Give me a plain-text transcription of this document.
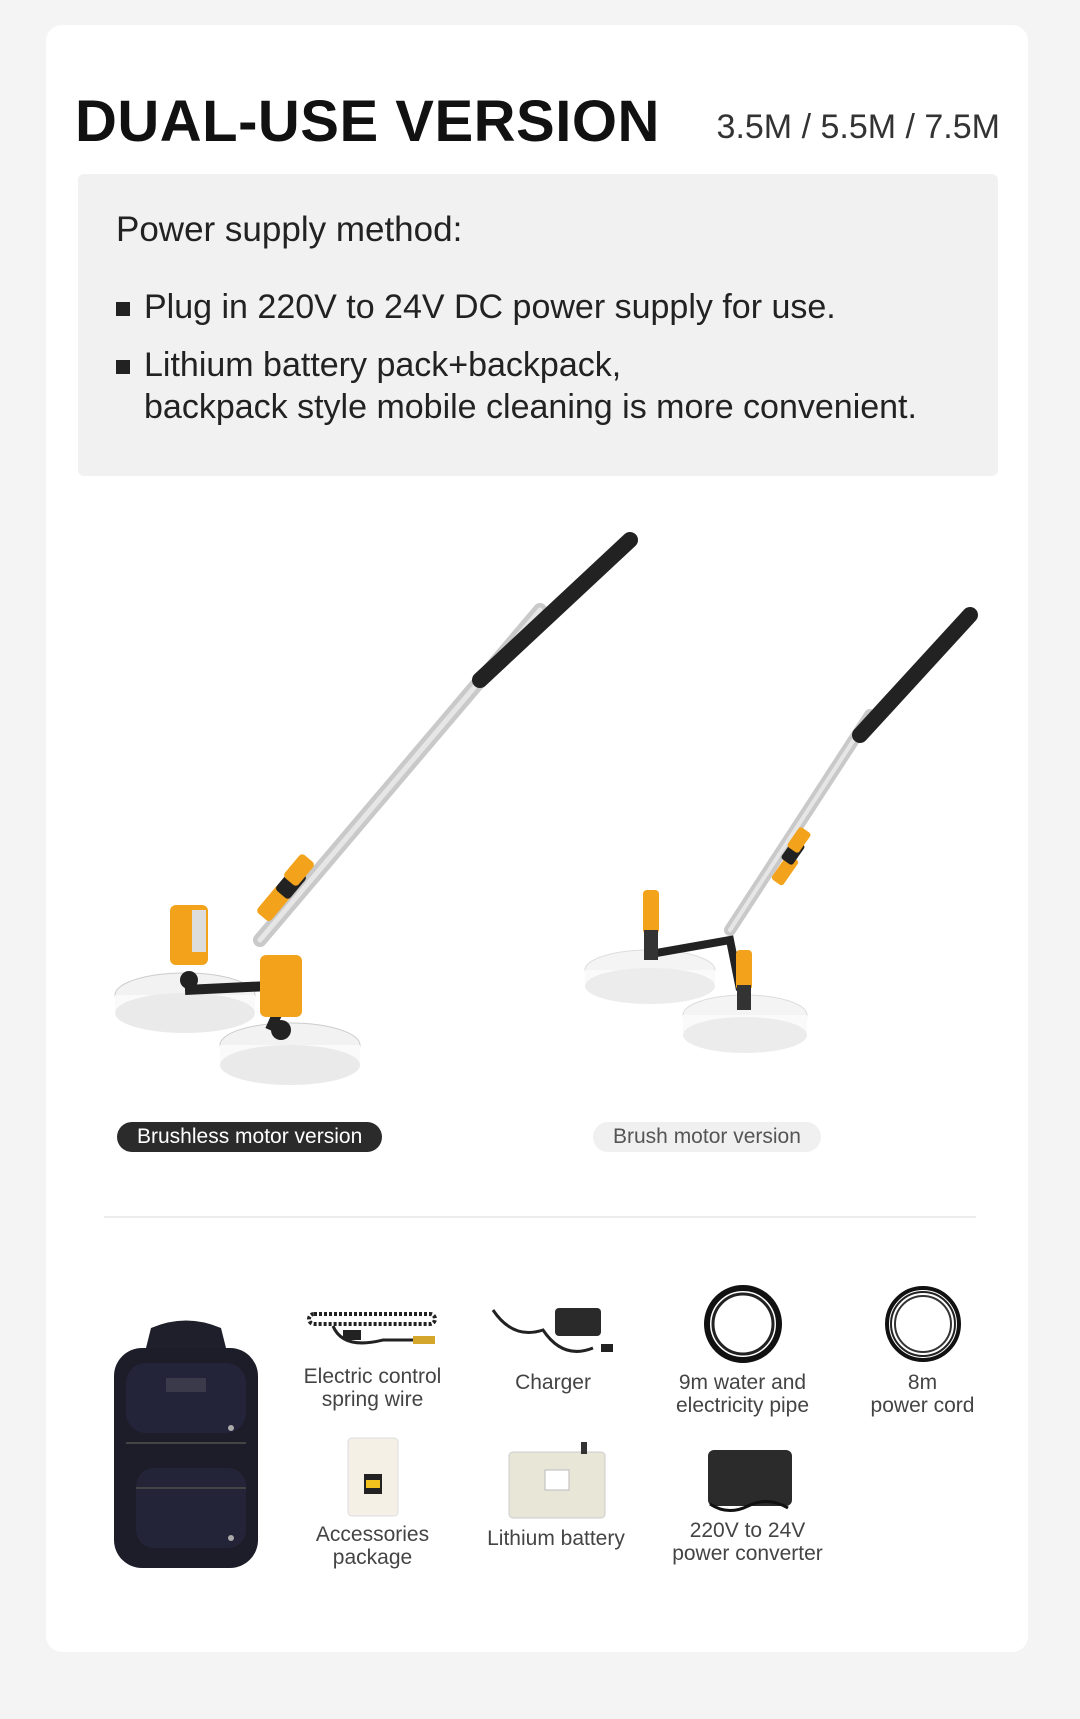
DUAL-USE VERSION 3.5M / 5.5M / 7.5M
Power supply method:
Plug in 220V to 24V DC power supply for use.
Lithium battery pack+backpack,
backpack style mobile cleaning is more convenient.
Brushless motor version	Brush motor version
Electric control
spring wire
Charger	9m water and
electricity pipe
8m
power cord
Accessories
package
Lithium battery	220V to 24V
power converter
